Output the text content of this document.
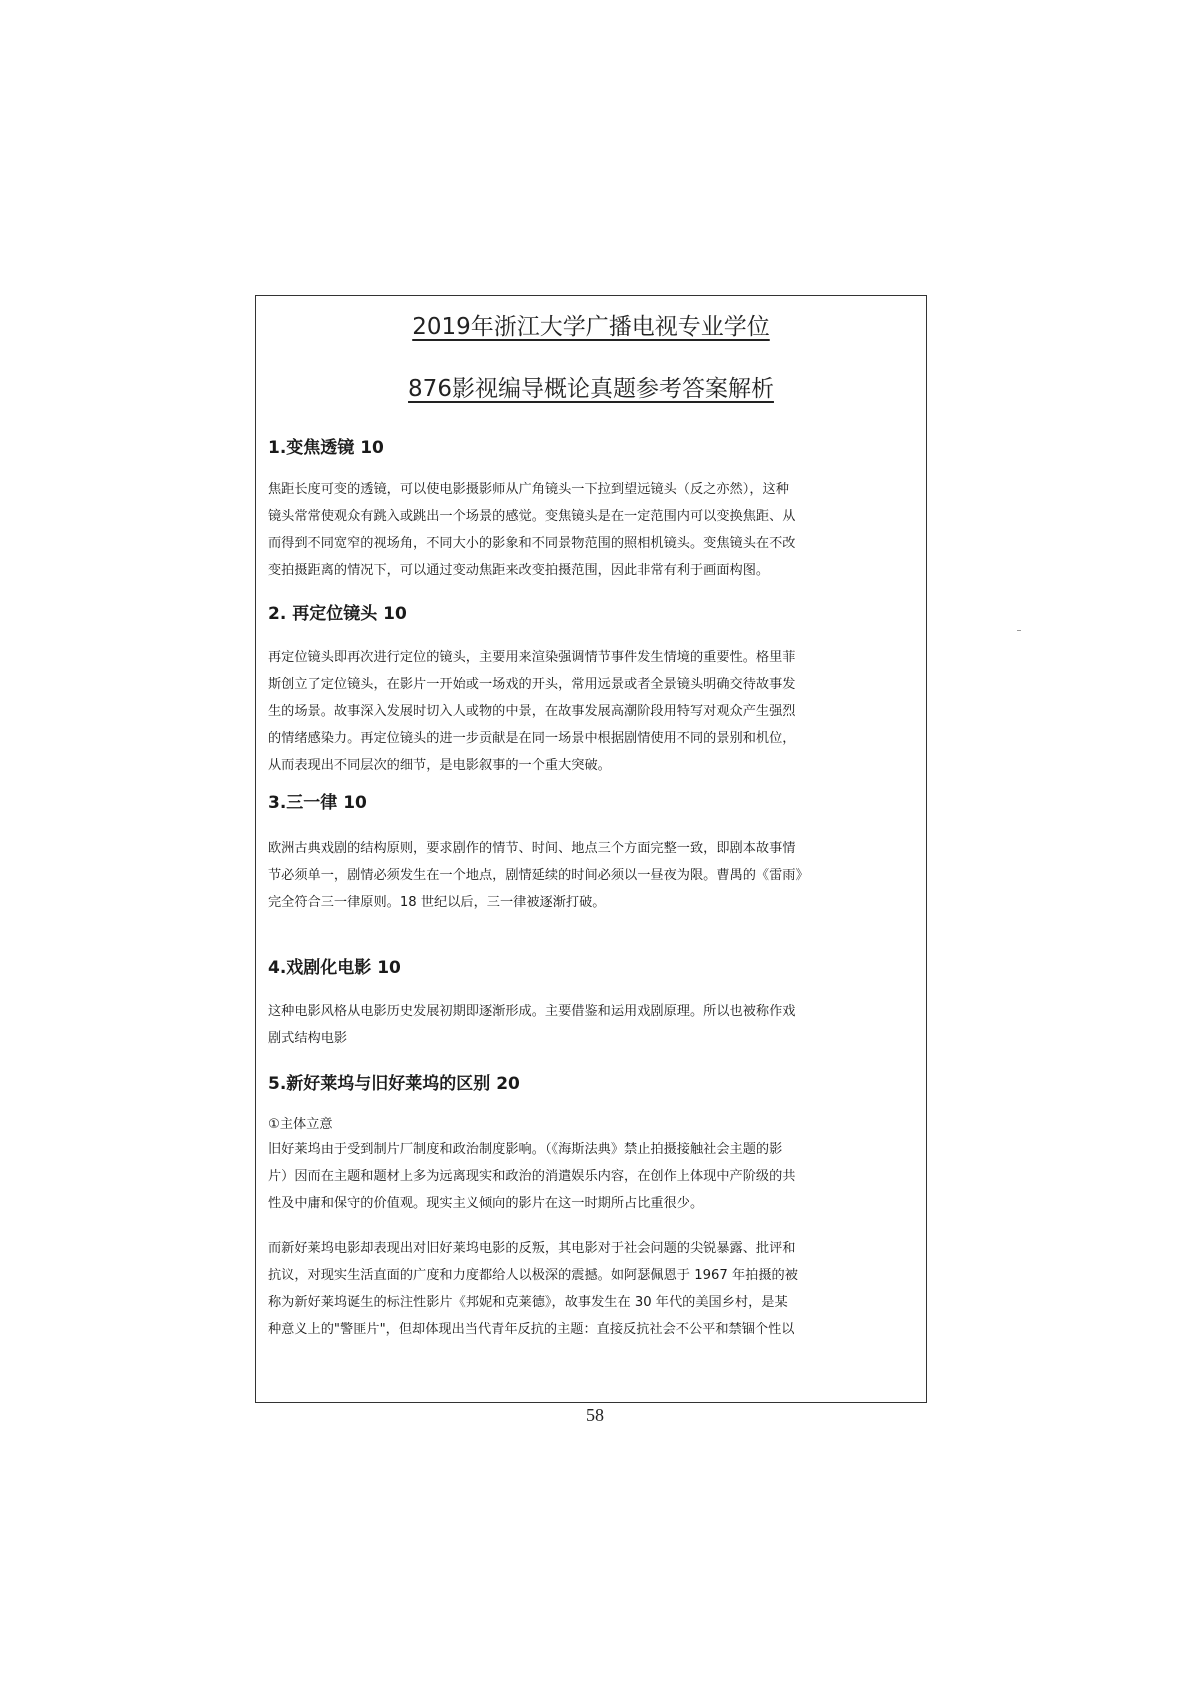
2019年浙江大学广播电视专业学位
876影视编导概论真题参考答案解析
1.变焦透镜 10
焦距长度可变的透镜，可以使电影摄影师从广角镜头一下拉到望远镜头（反之亦然），这种
镜头常常使观众有跳入或跳出一个场景的感觉。变焦镜头是在一定范围内可以变换焦距、从
而得到不同宽窄的视场角，不同大小的影象和不同景物范围的照相机镜头。变焦镜头在不改
变拍摄距离的情况下，可以通过变动焦距来改变拍摄范围，因此非常有利于画面构图。
2. 再定位镜头 10
再定位镜头即再次进行定位的镜头，主要用来渲染强调情节事件发生情境的重要性。格里菲
斯创立了定位镜头，在影片一开始或一场戏的开头，常用远景或者全景镜头明确交待故事发
生的场景。故事深入发展时切入人或物的中景，在故事发展高潮阶段用特写对观众产生强烈
的情绪感染力。再定位镜头的进一步贡献是在同一场景中根据剧情使用不同的景别和机位，
从而表现出不同层次的细节，是电影叙事的一个重大突破。
3.三一律 10
欧洲古典戏剧的结构原则，要求剧作的情节、时间、地点三个方面完整一致，即剧本故事情
节必须单一，剧情必须发生在一个地点，剧情延续的时间必须以一昼夜为限。曹禺的《雷雨》
完全符合三一律原则。18 世纪以后，三一律被逐渐打破。
4.戏剧化电影 10
这种电影风格从电影历史发展初期即逐渐形成。主要借鉴和运用戏剧原理。所以也被称作戏
剧式结构电影
5.新好莱坞与旧好莱坞的区别 20
①主体立意
旧好莱坞由于受到制片厂制度和政治制度影响。（《海斯法典》禁止拍摄接触社会主题的影
片）因而在主题和题材上多为远离现实和政治的消遣娱乐内容，在创作上体现中产阶级的共
性及中庸和保守的价值观。现实主义倾向的影片在这一时期所占比重很少。
而新好莱坞电影却表现出对旧好莱坞电影的反叛，其电影对于社会问题的尖锐暴露、批评和
抗议，对现实生活直面的广度和力度都给人以极深的震撼。如阿瑟佩恩于 1967 年拍摄的被
称为新好莱坞诞生的标注性影片《邦妮和克莱德》，故事发生在 30 年代的美国乡村，是某
种意义上的"警匪片"，但却体现出当代青年反抗的主题：直接反抗社会不公平和禁锢个性以
58
